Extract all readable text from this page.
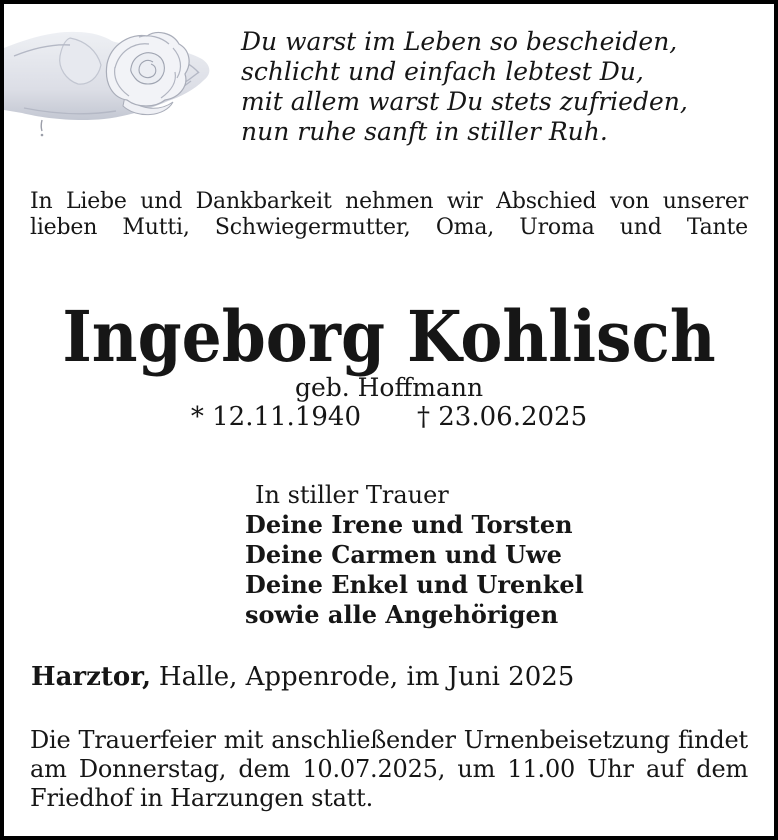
Du warst im Leben so bescheiden,
schlicht und einfach lebtest Du,
mit allem warst Du stets zufrieden,
nun ruhe sanft in stiller Ruh.
In Liebe und Dankbarkeit nehmen wir Abschied von unserer
lieben Mutti, Schwiegermutter, Oma, Uroma und Tante
Ingeborg Kohlisch
geb. Hoffmann
* 12.11.1940 † 23.06.2025
In stiller Trauer
Deine Irene und Torsten
Deine Carmen und Uwe
Deine Enkel und Urenkel
sowie alle Angehörigen
Harztor, Halle, Appenrode, im Juni 2025
Die Trauerfeier mit anschließender Urnenbeisetzung findet
am Donnerstag, dem 10.07.2025, um 11.00 Uhr auf dem
Friedhof in Harzungen statt.
